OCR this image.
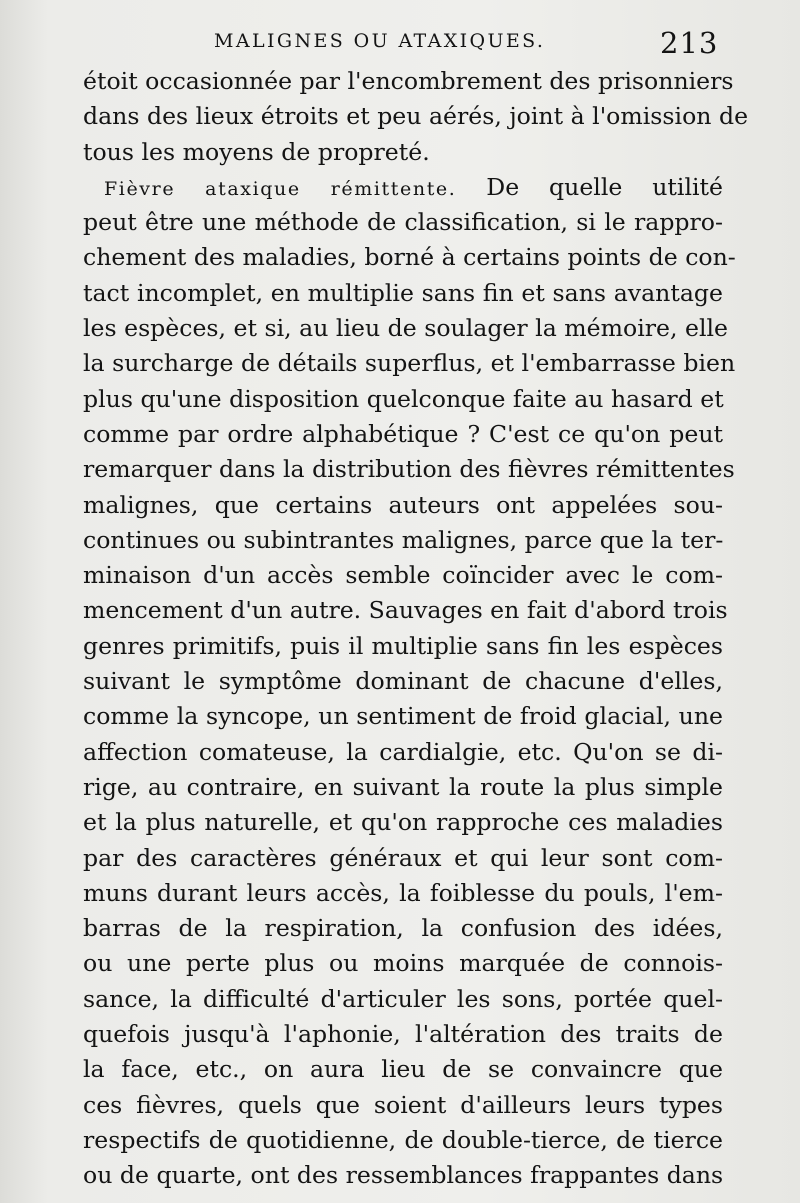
MALIGNES OU ATAXIQUES.	213
étoit occasionnée par l'encombrement des prisonniers
dans des lieux étroits et peu aérés, joint à l'omission de
tous les moyens de propreté.
Fièvre ataxique rémittente. De quelle utilité
peut être une méthode de classification, si le rappro-
chement des maladies, borné à certains points de con-
tact incomplet, en multiplie sans fin et sans avantage
les espèces, et si, au lieu de soulager la mémoire, elle
la surcharge de détails superflus, et l'embarrasse bien
plus qu'une disposition quelconque faite au hasard et
comme par ordre alphabétique ? C'est ce qu'on peut
remarquer dans la distribution des fièvres rémittentes
malignes, que certains auteurs ont appelées sou-
continues ou subintrantes malignes, parce que la ter-
minaison d'un accès semble coïncider avec le com-
mencement d'un autre. Sauvages en fait d'abord trois
genres primitifs, puis il multiplie sans fin les espèces
suivant le symptôme dominant de chacune d'elles,
comme la syncope, un sentiment de froid glacial, une
affection comateuse, la cardialgie, etc. Qu'on se di-
rige, au contraire, en suivant la route la plus simple
et la plus naturelle, et qu'on rapproche ces maladies
par des caractères généraux et qui leur sont com-
muns durant leurs accès, la foiblesse du pouls, l'em-
barras de la respiration, la confusion des idées,
ou une perte plus ou moins marquée de connois-
sance, la difficulté d'articuler les sons, portée quel-
quefois jusqu'à l'aphonie, l'altération des traits de
la face, etc., on aura lieu de se convaincre que
ces fièvres, quels que soient d'ailleurs leurs types
respectifs de quotidienne, de double-tierce, de tierce
ou de quarte, ont des ressemblances frappantes dans
